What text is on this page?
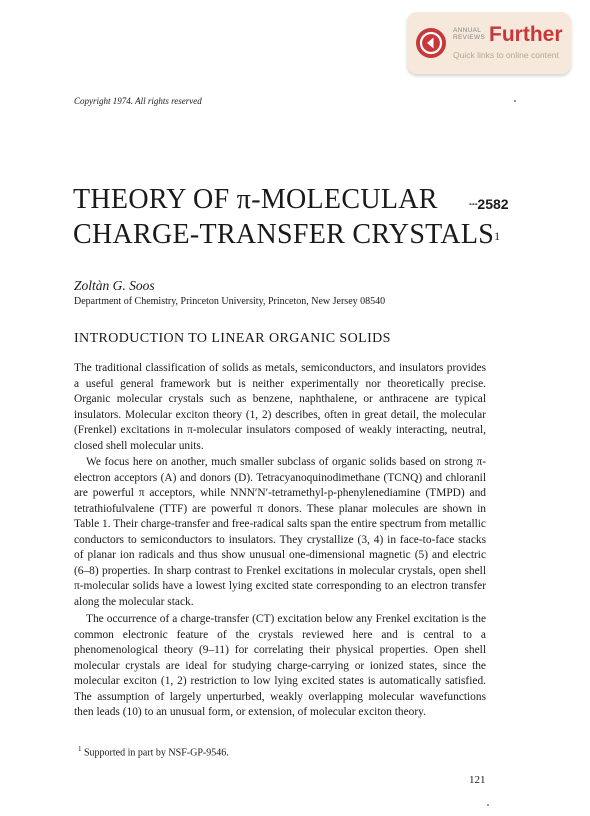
ANNUAL
REVIEWS Further
Quick links to online content
Copyright 1974. All rights reserved
THEORY OF π-MOLECULAR
CHARGE-TRANSFER CRYSTALS$^1$
┄2582
Zoltàn G. Soos
Department of Chemistry, Princeton University, Princeton, New Jersey 08540
INTRODUCTION TO LINEAR ORGANIC SOLIDS
The traditional classification of solids as metals, semiconductors, and insulators provides a useful general framework but is neither experimentally nor theoretically precise. Organic molecular crystals such as benzene, naphthalene, or anthracene are typical insulators. Molecular exciton theory (1, 2) describes, often in great detail, the molecular (Frenkel) excitations in π-molecular insulators composed of weakly interacting, neutral, closed shell molecular units.
We focus here on another, much smaller subclass of organic solids based on strong π-electron acceptors (A) and donors (D). Tetracyanoquinodimethane (TCNQ) and chloranil are powerful π acceptors, while NNN′N′-tetramethyl-p-phenylenediamine (TMPD) and tetrathiofulvalene (TTF) are powerful π donors. These planar molecules are shown in Table 1. Their charge-transfer and free-radical salts span the entire spectrum from metallic conductors to semiconductors to insulators. They crystallize (3, 4) in face-to-face stacks of planar ion radicals and thus show unusual one-dimensional magnetic (5) and electric (6–8) properties. In sharp contrast to Frenkel excitations in molecular crystals, open shell π-molecular solids have a lowest lying excited state corresponding to an electron transfer along the molecular stack.
The occurrence of a charge-transfer (CT) excitation below any Frenkel excitation is the common electronic feature of the crystals reviewed here and is central to a phenomenological theory (9–11) for correlating their physical properties. Open shell molecular crystals are ideal for studying charge-carrying or ionized states, since the molecular exciton (1, 2) restriction to low lying excited states is automatically satisfied. The assumption of largely unperturbed, weakly overlapping molecular wavefunctions then leads (10) to an unusual form, or extension, of molecular exciton theory.
$^1$ Supported in part by NSF-GP-9546.
121
